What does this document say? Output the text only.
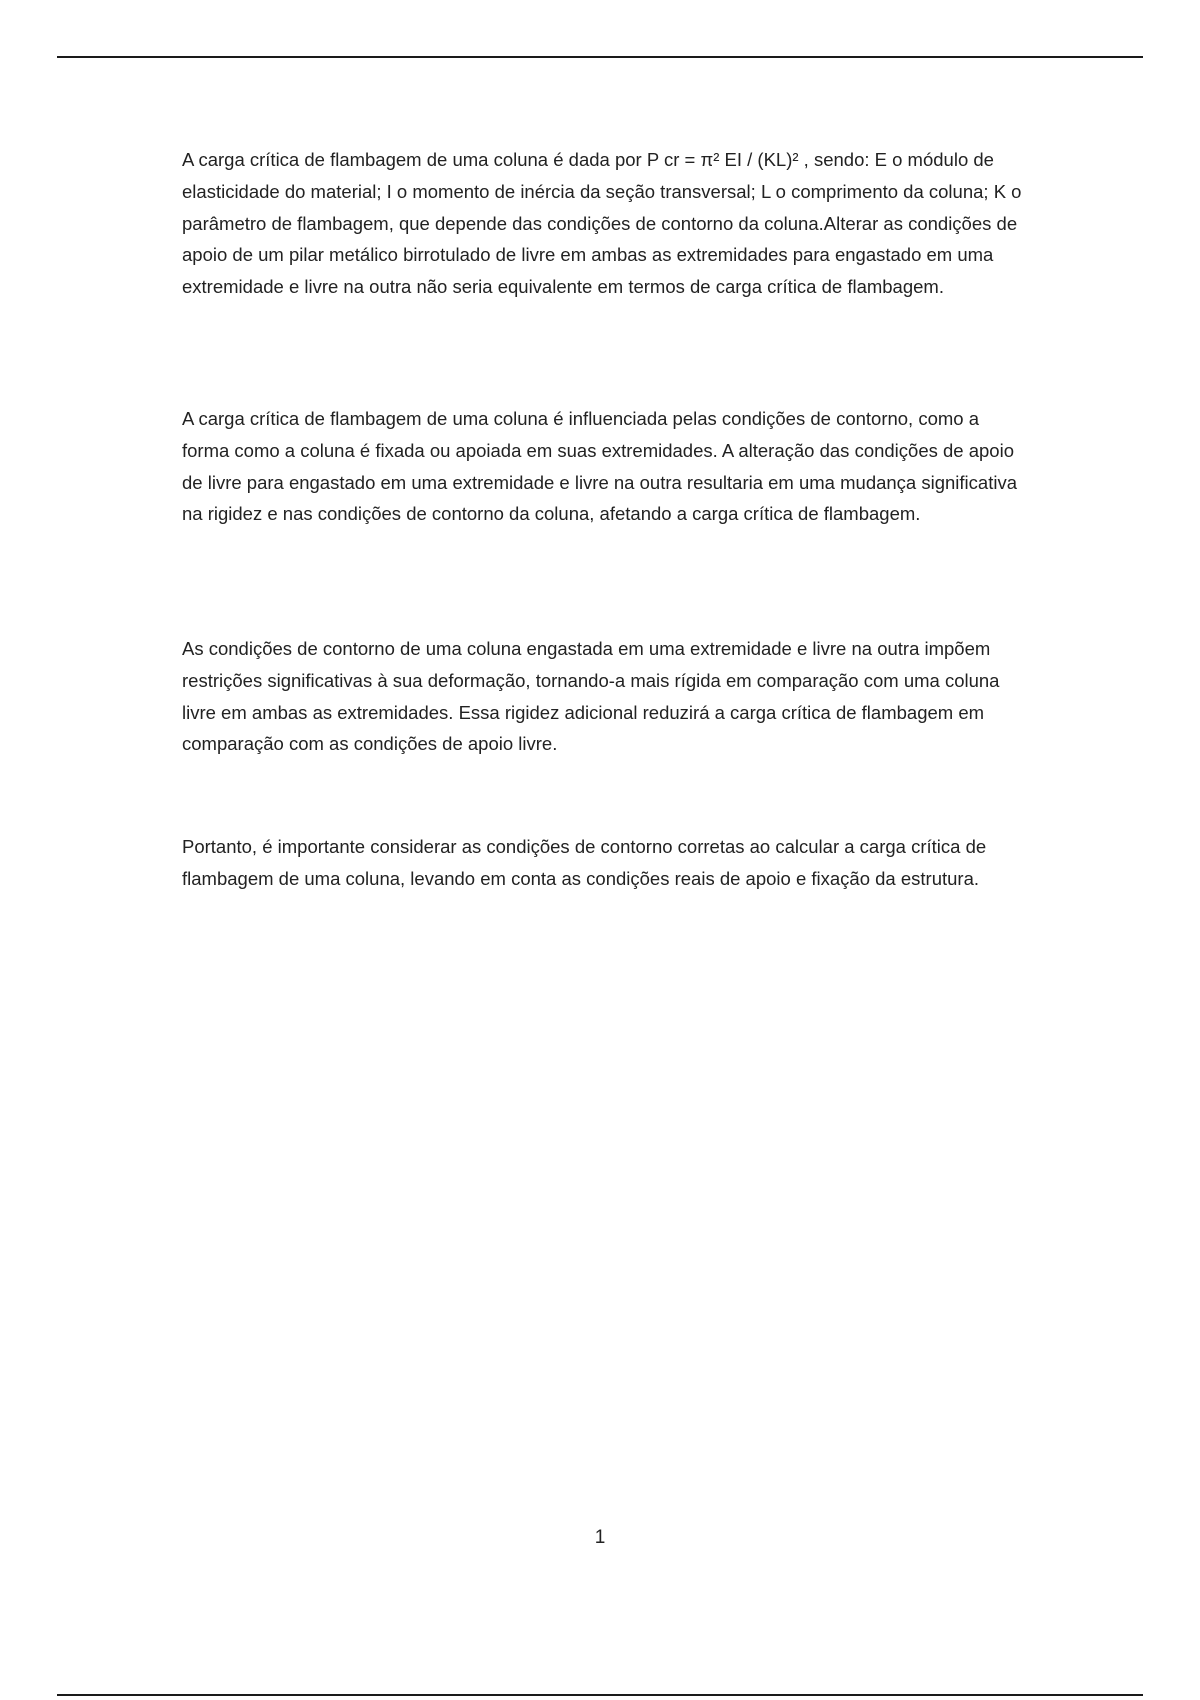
A carga crítica de flambagem de uma coluna é dada por P cr = π² EI / (KL)² , sendo: E o módulo de elasticidade do material; I o momento de inércia da seção transversal; L o comprimento da coluna; K o parâmetro de flambagem, que depende das condições de contorno da coluna.Alterar as condições de apoio de um pilar metálico birrotulado de livre em ambas as extremidades para engastado em uma extremidade e livre na outra não seria equivalente em termos de carga crítica de flambagem.

A carga crítica de flambagem de uma coluna é influenciada pelas condições de contorno, como a forma como a coluna é fixada ou apoiada em suas extremidades. A alteração das condições de apoio de livre para engastado em uma extremidade e livre na outra resultaria em uma mudança significativa na rigidez e nas condições de contorno da coluna, afetando a carga crítica de flambagem.

As condições de contorno de uma coluna engastada em uma extremidade e livre na outra impõem restrições significativas à sua deformação, tornando-a mais rígida em comparação com uma coluna livre em ambas as extremidades. Essa rigidez adicional reduzirá a carga crítica de flambagem em comparação com as condições de apoio livre.

Portanto, é importante considerar as condições de contorno corretas ao calcular a carga crítica de flambagem de uma coluna, levando em conta as condições reais de apoio e fixação da estrutura.

1
